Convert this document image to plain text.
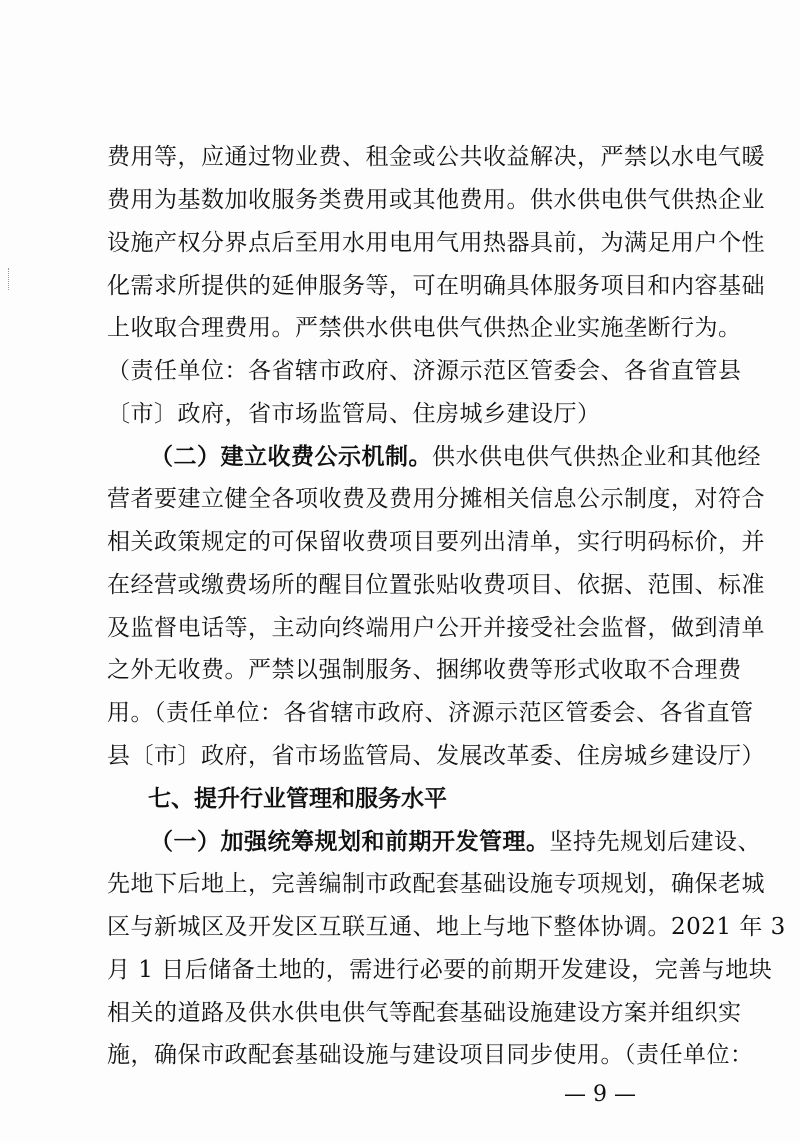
费用等，应通过物业费、租金或公共收益解决，严禁以水电气暖
费用为基数加收服务类费用或其他费用。供水供电供气供热企业
设施产权分界点后至用水用电用气用热器具前，为满足用户个性
化需求所提供的延伸服务等，可在明确具体服务项目和内容基础
上收取合理费用。严禁供水供电供气供热企业实施垄断行为。
（责任单位：各省辖市政府、济源示范区管委会、各省直管县
〔市〕政府，省市场监管局、住房城乡建设厅）
（二）建立收费公示机制。供水供电供气供热企业和其他经
营者要建立健全各项收费及费用分摊相关信息公示制度，对符合
相关政策规定的可保留收费项目要列出清单，实行明码标价，并
在经营或缴费场所的醒目位置张贴收费项目、依据、范围、标准
及监督电话等，主动向终端用户公开并接受社会监督，做到清单
之外无收费。严禁以强制服务、捆绑收费等形式收取不合理费
用。（责任单位：各省辖市政府、济源示范区管委会、各省直管
县〔市〕政府，省市场监管局、发展改革委、住房城乡建设厅）
七、提升行业管理和服务水平
（一）加强统筹规划和前期开发管理。坚持先规划后建设、
先地下后地上，完善编制市政配套基础设施专项规划，确保老城
区与新城区及开发区互联互通、地上与地下整体协调。2021 年 3
月 1 日后储备土地的，需进行必要的前期开发建设，完善与地块
相关的道路及供水供电供气等配套基础设施建设方案并组织实
施，确保市政配套基础设施与建设项目同步使用。（责任单位：
— 9 —
